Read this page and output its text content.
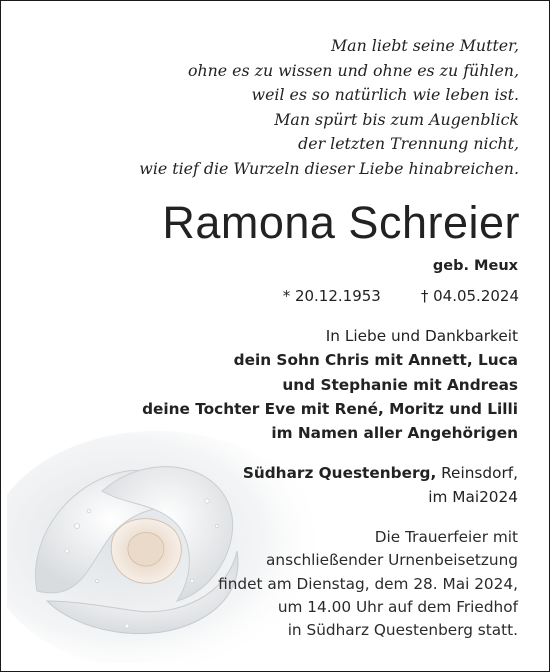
Man liebt seine Mutter,
ohne es zu wissen und ohne es zu fühlen,
weil es so natürlich wie leben ist.
Man spürt bis zum Augenblick
der letzten Trennung nicht,
wie tief die Wurzeln dieser Liebe hinabreichen.
Ramona Schreier
geb. Meux
* 20.12.1953	† 04.05.2024
In Liebe und Dankbarkeit
dein Sohn Chris mit Annett, Luca
und Stephanie mit Andreas
deine Tochter Eve mit René, Moritz und Lilli
im Namen aller Angehörigen
Südharz Questenberg, Reinsdorf,
im Mai2024
Die Trauerfeier mit
anschließender Urnenbeisetzung
findet am Dienstag, dem 28. Mai 2024,
um 14.00 Uhr auf dem Friedhof
in Südharz Questenberg statt.
